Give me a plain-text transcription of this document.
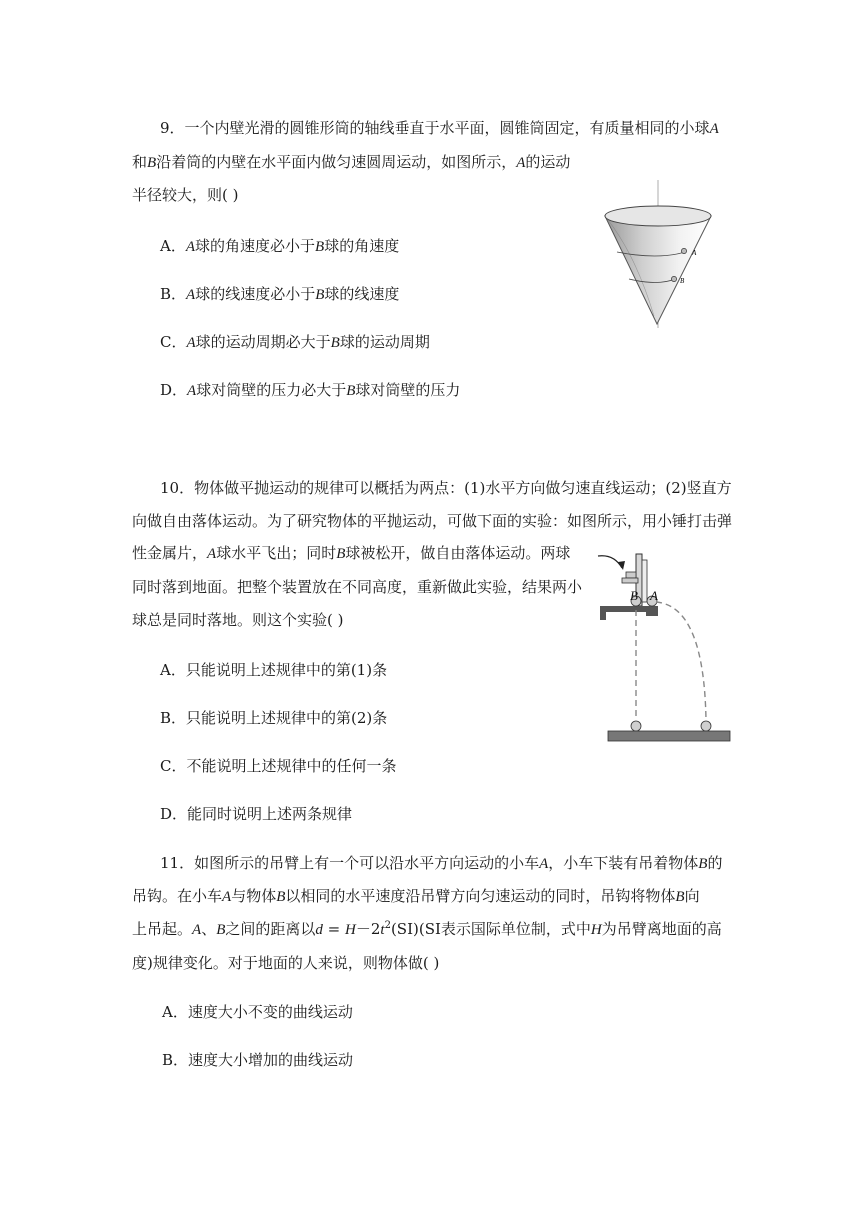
9．一个内壁光滑的圆锥形筒的轴线垂直于水平面，圆锥筒固定，有质量相同的小球A
和B沿着筒的内壁在水平面内做匀速圆周运动，如图所示，A的运动
半径较大，则( )
A．A球的角速度必小于B球的角速度
B．A球的线速度必小于B球的线速度
C．A球的运动周期必大于B球的运动周期
D．A球对筒壁的压力必大于B球对筒壁的压力
A
B
10．物体做平抛运动的规律可以概括为两点：(1)水平方向做匀速直线运动；(2)竖直方
向做自由落体运动。为了研究物体的平抛运动，可做下面的实验：如图所示，用小锤打击弹
性金属片，A球水平飞出；同时B球被松开，做自由落体运动。两球
同时落到地面。把整个装置放在不同高度，重新做此实验，结果两小
球总是同时落地。则这个实验( )
A．只能说明上述规律中的第(1)条
B．只能说明上述规律中的第(2)条
C．不能说明上述规律中的任何一条
D．能同时说明上述两条规律
B A
11．如图所示的吊臂上有一个可以沿水平方向运动的小车A，小车下装有吊着物体B的
吊钩。在小车A与物体B以相同的水平速度沿吊臂方向匀速运动的同时，吊钩将物体B向
上吊起。A、B之间的距离以$d = H-2t^2(SI)(SI$表示国际单位制，式中H为吊臂离地面的高
度)规律变化。对于地面的人来说，则物体做( )
A．速度大小不变的曲线运动
B．速度大小增加的曲线运动
